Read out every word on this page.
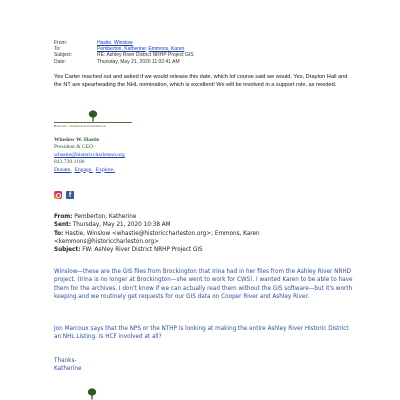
From:	Hastie, Winslow
To:	Pemberton, Katherine; Emmons, Karen
Subject:	RE: Ashley River District NRHP Project GIS
Date:	Thursday, May 21, 2020 11:02:41 AM
Yes Carter reached out and asked if we would release this date, which lof course said we would. Yes, Drayton Hall and the NT are spearheading the NHL nomination, which is excellent! We will be involved in a support role, as needed.
Historic Charleston Foundation
Winslow W. Hastie
President & CEO
whastie@historiccharleston.org
843.720.1186
Donate. Engage. Explore.
f
From: Pemberton, Katherine
Sent: Thursday, May 21, 2020 10:38 AM
To: Hastie, Winslow <whastie@historiccharleston.org>; Emmons, Karen <kemmons@historiccharleston.org>
Subject: FW: Ashley River District NRHP Project GIS
Winslow—these are the GIS files from Brockington that Irina had in her files from the Ashley River NRHD project. (Irina is no longer at Brockington—she went to work for CWS). I wanted Karen to be able to have them for the archives. I don't know if we can actually read them without the GIS software—but it's worth keeping and we routinely get requests for our GIS data on Cooper River and Ashley River.
Jon Marcoux says that the NPS or the NTHP is looking at making the entire Ashley River Historic District an NHL Listing. Is HCF involved at all?
Thanks-
Katherine
